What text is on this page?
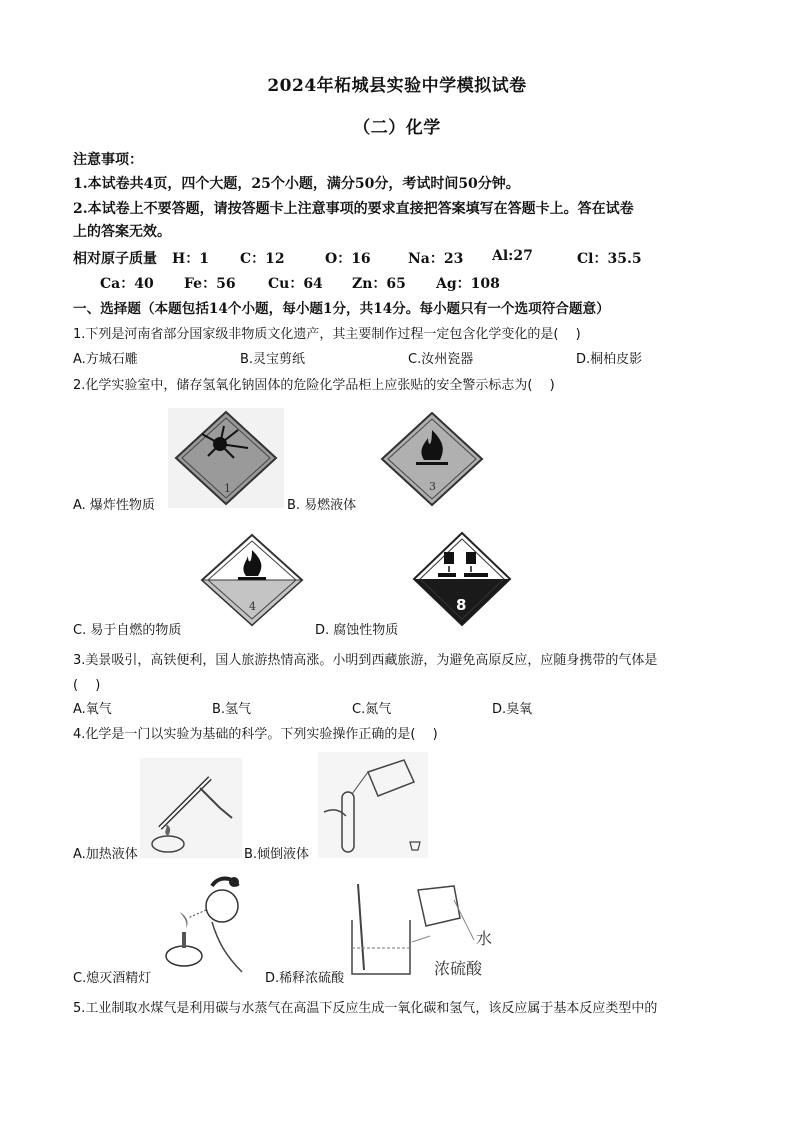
2024年柘城县实验中学模拟试卷
（二）化学
注意事项：
1.本试卷共4页，四个大题，25个小题，满分50分，考试时间50分钟。
2.本试卷上不要答题，请按答题卡上注意事项的要求直接把答案填写在答题卡上。答在试卷
上的答案无效。
相对原子质量 H：1 C：12	O：16	Na：23 Al:27	Cl：35.5
Ca：40 Fe：56 Cu：64 Zn：65 Ag：108
一、选择题（本题包括14个小题，每小题1分，共14分。每小题只有一个选项符合题意）
1.下列是河南省部分国家级非物质文化遗产，其主要制作过程一定包含化学变化的是(　 )
A.方城石雕	B.灵宝剪纸	C.汝州瓷器	D.桐柏皮影
2.化学实验室中，储存氢氧化钠固体的危险化学品柜上应张贴的安全警示标志为(　 )
1
A. 爆炸性物质
3
B. 易燃液体
4
C. 易于自燃的物质
8
D. 腐蚀性物质
3.美景吸引，高铁便利，国人旅游热情高涨。小明到西藏旅游，为避免高原反应，应随身携带的气体是
(　 )
A.氧气	B.氢气	C.氮气	D.臭氧
4.化学是一门以实验为基础的科学。下列实验操作正确的是(　 )
A.加热液体	B.倾倒液体
C.熄灭酒精灯
水
浓硫酸
D.稀释浓硫酸
5.工业制取水煤气是利用碳与水蒸气在高温下反应生成一氧化碳和氢气，该反应属于基本反应类型中的
